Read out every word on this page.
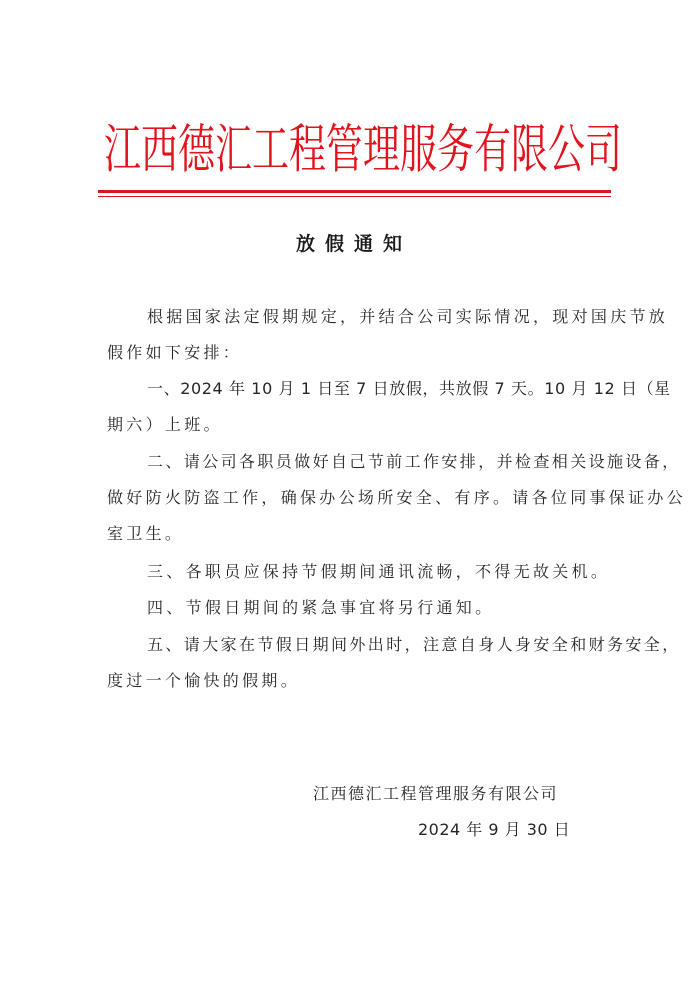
江西德汇工程管理服务有限公司
放假通知
根据国家法定假期规定，并结合公司实际情况，现对国庆节放
假作如下安排：
一、2024 年 10 月 1 日至 7 日放假，共放假 7 天。10 月 12 日（星
期六）上班。
二、请公司各职员做好自己节前工作安排，并检查相关设施设备，
做好防火防盗工作，确保办公场所安全、有序。请各位同事保证办公
室卫生。
三、各职员应保持节假期间通讯流畅，不得无故关机。
四、节假日期间的紧急事宜将另行通知。
五、请大家在节假日期间外出时，注意自身人身安全和财务安全，
度过一个愉快的假期。
江西德汇工程管理服务有限公司
2024 年 9 月 30 日
